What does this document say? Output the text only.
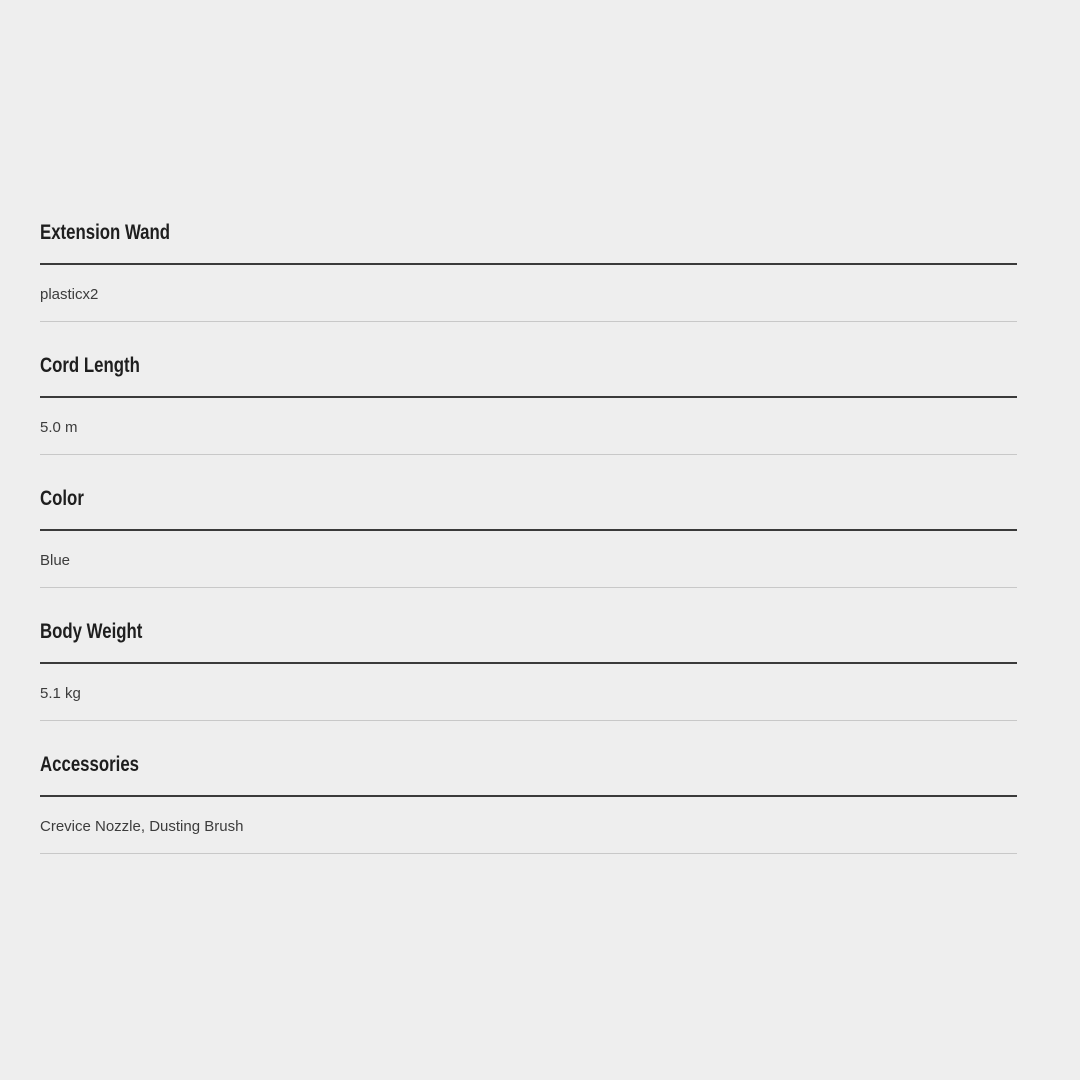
Extension Wand

plasticx2

Cord Length

5.0 m

Color

Blue

Body Weight

5.1 kg

Accessories

Crevice Nozzle, Dusting Brush
